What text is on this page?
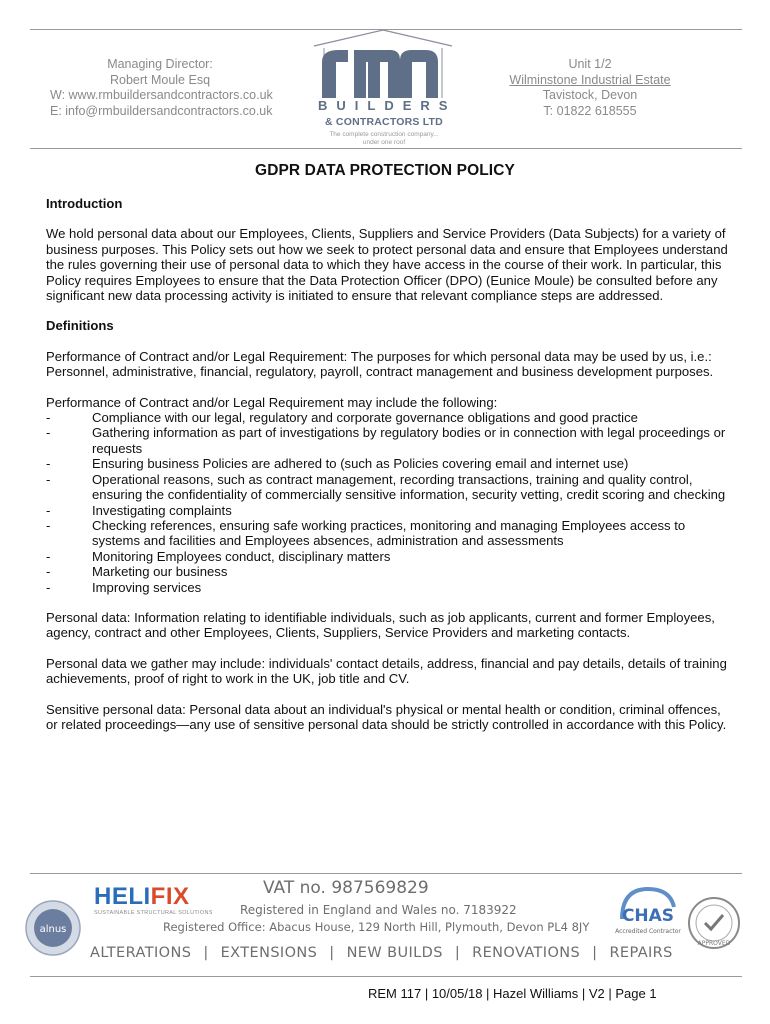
Managing Director:
Robert Moule Esq
W: www.rmbuildersandcontractors.co.uk
E: info@rmbuildersandcontractors.co.uk	BUILDERS
& CONTRACTORS LTD
The complete construction company...
under one roof
Unit 1/2
Wilminstone Industrial Estate
Tavistock, Devon
T: 01822 618555
GDPR DATA PROTECTION POLICY

Introduction

We hold personal data about our Employees, Clients, Suppliers and Service Providers (Data Subjects) for a variety of business purposes. This Policy sets out how we seek to protect personal data and ensure that Employees understand the rules governing their use of personal data to which they have access in the course of their work. In particular, this Policy requires Employees to ensure that the Data Protection Officer (DPO) (Eunice Moule) be consulted before any significant new data processing activity is initiated to ensure that relevant compliance steps are addressed.

Definitions

Performance of Contract and/or Legal Requirement: The purposes for which personal data may be used by us, i.e.: Personnel, administrative, financial, regulatory, payroll, contract management and business development purposes.

Performance of Contract and/or Legal Requirement may include the following:

-	Compliance with our legal, regulatory and corporate governance obligations and good practice
-	Gathering information as part of investigations by regulatory bodies or in connection with legal proceedings or requests
-	Ensuring business Policies are adhered to (such as Policies covering email and internet use)
-	Operational reasons, such as contract management, recording transactions, training and quality control, ensuring the confidentiality of commercially sensitive information, security vetting, credit scoring and checking
-	Investigating complaints
-	Checking references, ensuring safe working practices, monitoring and managing Employees access to systems and facilities and Employees absences, administration and assessments
-	Monitoring Employees conduct, disciplinary matters
-	Marketing our business
-	Improving services

Personal data: Information relating to identifiable individuals, such as job applicants, current and former Employees, agency, contract and other Employees, Clients, Suppliers, Service Providers and marketing contacts.

Personal data we gather may include: individuals' contact details, address, financial and pay details, details of training achievements, proof of right to work in the UK, job title and CV.

Sensitive personal data: Personal data about an individual's physical or mental health or condition, criminal offences, or related proceedings—any use of sensitive personal data should be strictly controlled in accordance with this Policy.

alnus
HELIFIX
SUSTAINABLE STRUCTURAL SOLUTIONS
VAT no. 987569829
Registered in England and Wales no. 7183922
Registered Office: Abacus House, 129 North Hill, Plymouth, Devon PL4 8JY
CHAS
Accredited Contractor
APPROVED
ALTERATIONS | EXTENSIONS | NEW BUILDS | RENOVATIONS | REPAIRS
REM 117 | 10/05/18 | Hazel Williams | V2 | Page 1
